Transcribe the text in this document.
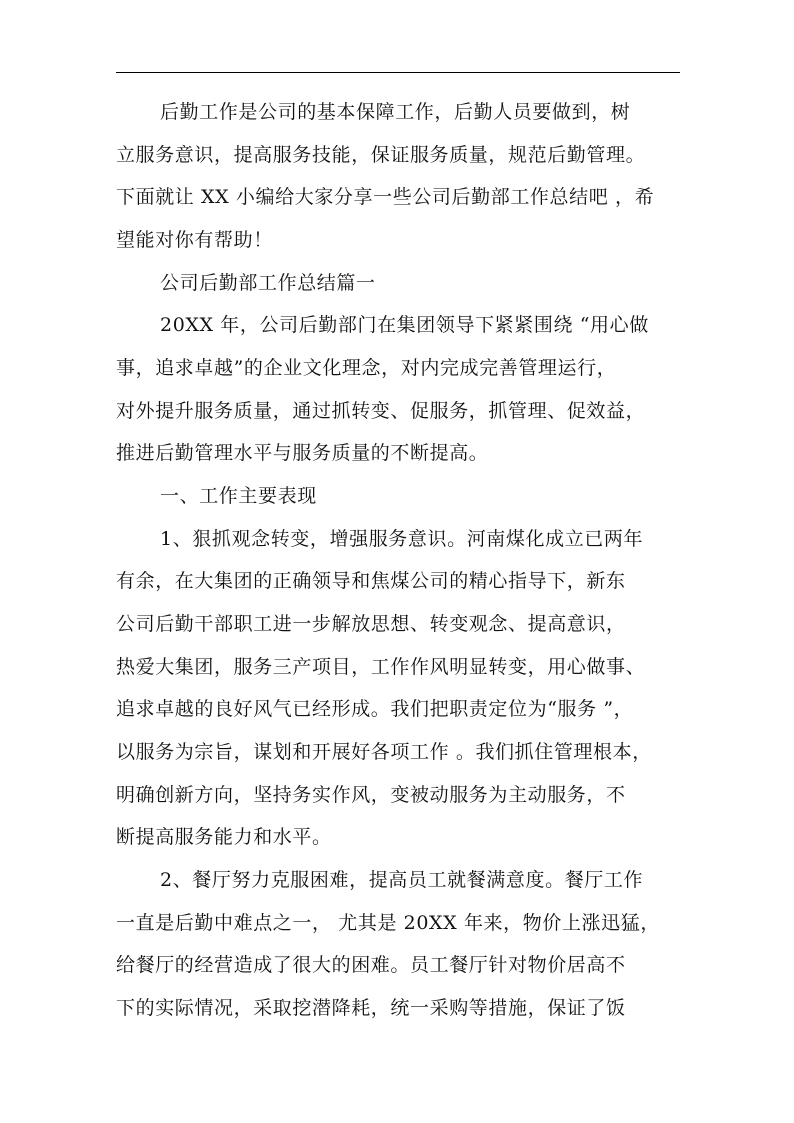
后勤工作是公司的基本保障工作，后勤人员要做到，树
立服务意识，提高服务技能，保证服务质量，规范后勤管理。
下面就让 XX 小编给大家分享一些公司后勤部工作总结吧 ，希
望能对你有帮助！
公司后勤部工作总结篇一
20XX 年，公司后勤部门在集团领导下紧紧围绕 “用心做
事，追求卓越”的企业文化理念，对内完成完善管理运行，
对外提升服务质量，通过抓转变、促服务，抓管理、促效益，
推进后勤管理水平与服务质量的不断提高。
一、工作主要表现
1、狠抓观念转变，增强服务意识。河南煤化成立已两年
有余，在大集团的正确领导和焦煤公司的精心指导下，新东
公司后勤干部职工进一步解放思想、转变观念、提高意识，
热爱大集团，服务三产项目，工作作风明显转变，用心做事、
追求卓越的良好风气已经形成。我们把职责定位为“服务 ”，
以服务为宗旨，谋划和开展好各项工作 。我们抓住管理根本，
明确创新方向，坚持务实作风，变被动服务为主动服务，不
断提高服务能力和水平。
2、餐厅努力克服困难，提高员工就餐满意度。餐厅工作
一直是后勤中难点之一， 尤其是 20XX 年来，物价上涨迅猛，
给餐厅的经营造成了很大的困难。员工餐厅针对物价居高不
下的实际情况，采取挖潜降耗，统一采购等措施，保证了饭
